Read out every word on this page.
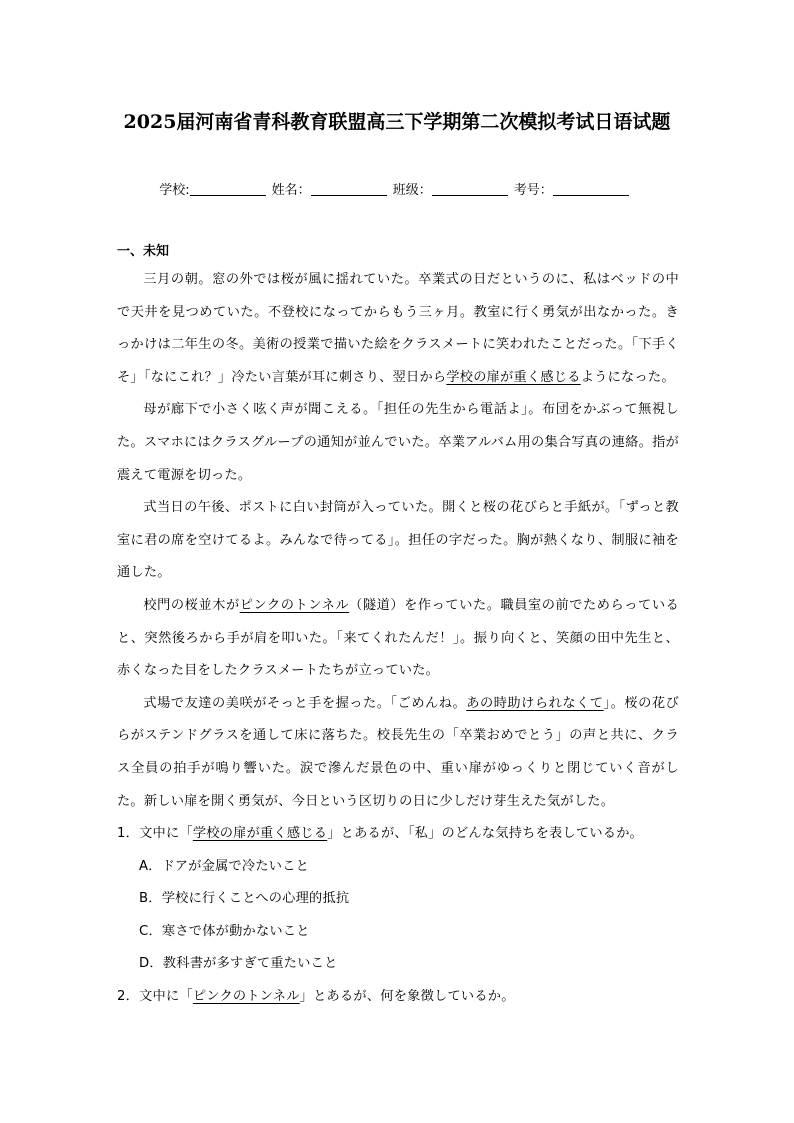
2025届河南省青科教育联盟高三下学期第二次模拟考试日语试题
学校:	姓名：	班级：	考号：
一、未知

三月の朝。窓の外では桜が風に揺れていた。卒業式の日だというのに、私はベッドの中で天井を見つめていた。不登校になってからもう三ヶ月。教室に行く勇気が出なかった。きっかけは二年生の冬。美術の授業で描いた絵をクラスメートに笑われたことだった。「下手くそ」「なにこれ？」冷たい言葉が耳に刺さり、翌日から学校の扉が重く感じるようになった。

母が廊下で小さく呟く声が聞こえる。「担任の先生から電話よ」。布団をかぶって無視した。スマホにはクラスグループの通知が並んでいた。卒業アルバム用の集合写真の連絡。指が震えて電源を切った。

式当日の午後、ポストに白い封筒が入っていた。開くと桜の花びらと手紙が。「ずっと教室に君の席を空けてるよ。みんなで待ってる」。担任の字だった。胸が熱くなり、制服に袖を通した。

校門の桜並木がピンクのトンネル（隧道）を作っていた。職員室の前でためらっていると、突然後ろから手が肩を叩いた。「来てくれたんだ！」。振り向くと、笑顔の田中先生と、赤くなった目をしたクラスメートたちが立っていた。

式場で友達の美咲がそっと手を握った。「ごめんね。あの時助けられなくて」。桜の花びらがステンドグラスを通して床に落ちた。校長先生の「卒業おめでとう」の声と共に、クラス全員の拍手が鳴り響いた。涙で滲んだ景色の中、重い扉がゆっくりと閉じていく音がした。新しい扉を開く勇気が、今日という区切りの日に少しだけ芽生えた気がした。

1．文中に「学校の扉が重く感じる」とあるが、「私」のどんな気持ちを表しているか。
A．ドアが金属で冷たいこと
B．学校に行くことへの心理的抵抗
C．寒さで体が動かないこと
D．教科書が多すぎて重たいこと
2．文中に「ピンクのトンネル」とあるが、何を象徴しているか。
